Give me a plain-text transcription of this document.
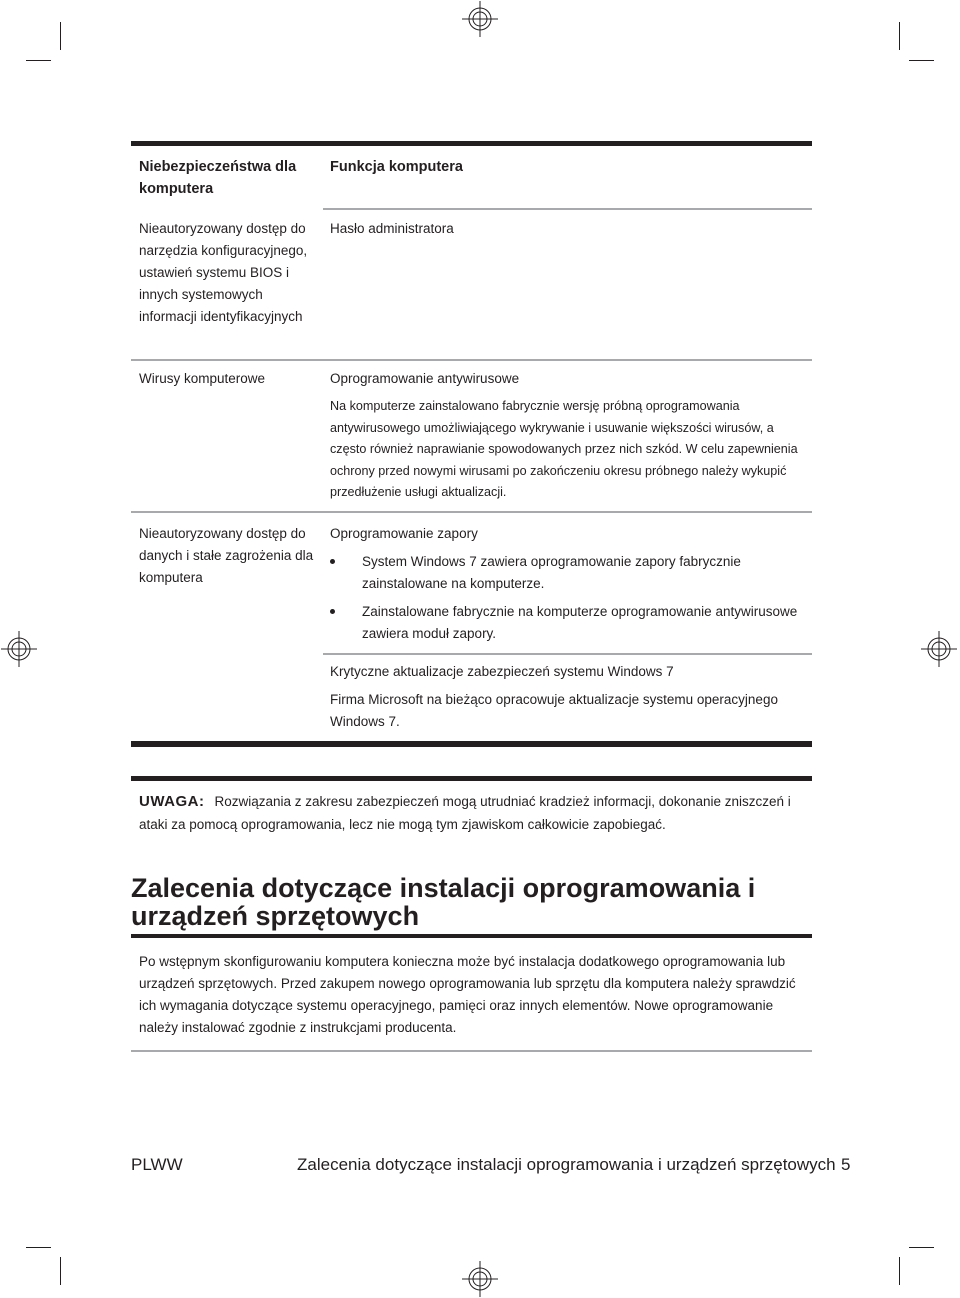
Niebezpieczeństwa dla komputera
Funkcja komputera
Nieautoryzowany dostęp do narzędzia konfiguracyjnego, ustawień systemu BIOS i innych systemowych informacji identyfikacyjnych
Hasło administratora
Wirusy komputerowe	Oprogramowanie antywirusowe

Na komputerze zainstalowano fabrycznie wersję próbną oprogramowania antywirusowego umożliwiającego wykrywanie i usuwanie większości wirusów, a często również naprawianie spowodowanych przez nich szkód. W celu zapewnienia ochrony przed nowymi wirusami po zakończeniu okresu próbnego należy wykupić przedłużenie usługi aktualizacji.

Nieautoryzowany dostęp do danych i stałe zagrożenia dla komputera

Oprogramowanie zapory

System Windows 7 zawiera oprogramowanie zapory fabrycznie zainstalowane na komputerze.
Zainstalowane fabrycznie na komputerze oprogramowanie antywirusowe zawiera moduł zapory.

Krytyczne aktualizacje zabezpieczeń systemu Windows 7

Firma Microsoft na bieżąco opracowuje aktualizacje systemu operacyjnego Windows 7.

UWAGA: Rozwiązania z zakresu zabezpieczeń mogą utrudniać kradzież informacji, dokonanie zniszczeń i ataki za pomocą oprogramowania, lecz nie mogą tym zjawiskom całkowicie zapobiegać.
Zalecenia dotyczące instalacji oprogramowania i urządzeń sprzętowych

Po wstępnym skonfigurowaniu komputera konieczna może być instalacja dodatkowego oprogramowania lub urządzeń sprzętowych. Przed zakupem nowego oprogramowania lub sprzętu dla komputera należy sprawdzić ich wymagania dotyczące systemu operacyjnego, pamięci oraz innych elementów. Nowe oprogramowanie należy instalować zgodnie z instrukcjami producenta.

PLWW	Zalecenia dotyczące instalacji oprogramowania i urządzeń sprzętowych 5
